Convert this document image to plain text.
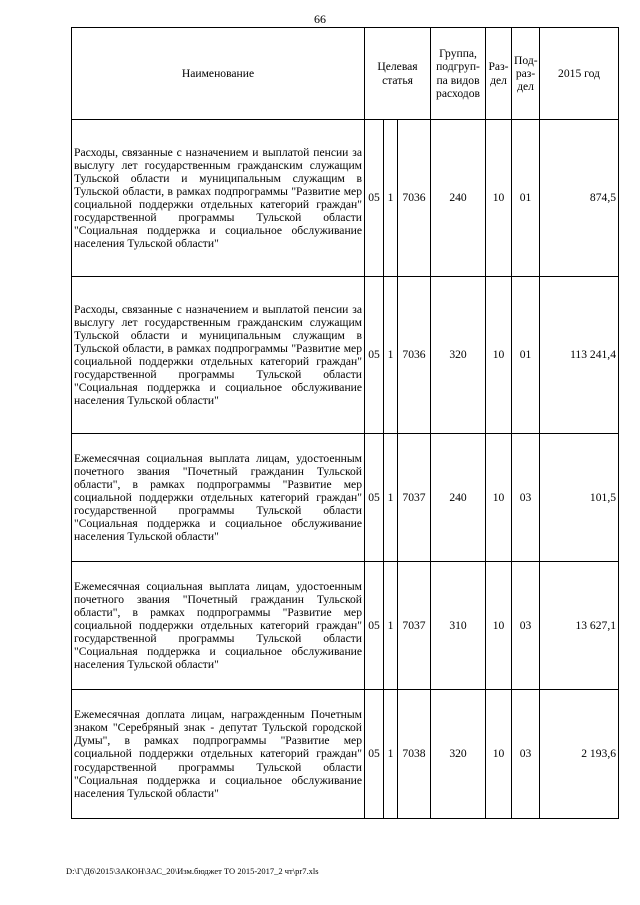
66
Наименование	Целевая статья			Группа, подгруп-па видов расходов	Раз-дел	Под-раз-дел	2015 год
Расходы, связанные с назначением и выплатой пенсии за выслугу лет государственным гражданским служащим Тульской области и муниципальным служащим в Тульской области, в рамках подпрограммы "Развитие мер социальной поддержки отдельных категорий граждан" государственной программы Тульской области "Социальная поддержка и социальное обслуживание населения Тульской области"	05	1	7036	240	10	01	874,5
Расходы, связанные с назначением и выплатой пенсии за выслугу лет государственным гражданским служащим Тульской области и муниципальным служащим в Тульской области, в рамках подпрограммы "Развитие мер социальной поддержки отдельных категорий граждан" государственной программы Тульской области "Социальная поддержка и социальное обслуживание населения Тульской области"	05	1	7036	320	10	01	113 241,4
Ежемесячная социальная выплата лицам, удостоенным почетного звания "Почетный гражданин Тульской области", в рамках подпрограммы "Развитие мер социальной поддержки отдельных категорий граждан" государственной программы Тульской области "Социальная поддержка и социальное обслуживание населения Тульской области"	05	1	7037	240	10	03	101,5
Ежемесячная социальная выплата лицам, удостоенным почетного звания "Почетный гражданин Тульской области", в рамках подпрограммы "Развитие мер социальной поддержки отдельных категорий граждан" государственной программы Тульской области "Социальная поддержка и социальное обслуживание населения Тульской области"	05	1	7037	310	10	03	13 627,1
Ежемесячная доплата лицам, награжденным Почетным знаком "Серебряный знак - депутат Тульской городской Думы", в рамках подпрограммы "Развитие мер социальной поддержки отдельных категорий граждан" государственной программы Тульской области "Социальная поддержка и социальное обслуживание населения Тульской области"	05	1	7038	320	10	03	2 193,6
D:\Г\Д6\2015\ЗАКОН\ЗАС_20\Изм.бюджет ТО 2015-2017_2 чт\pr7.xls
